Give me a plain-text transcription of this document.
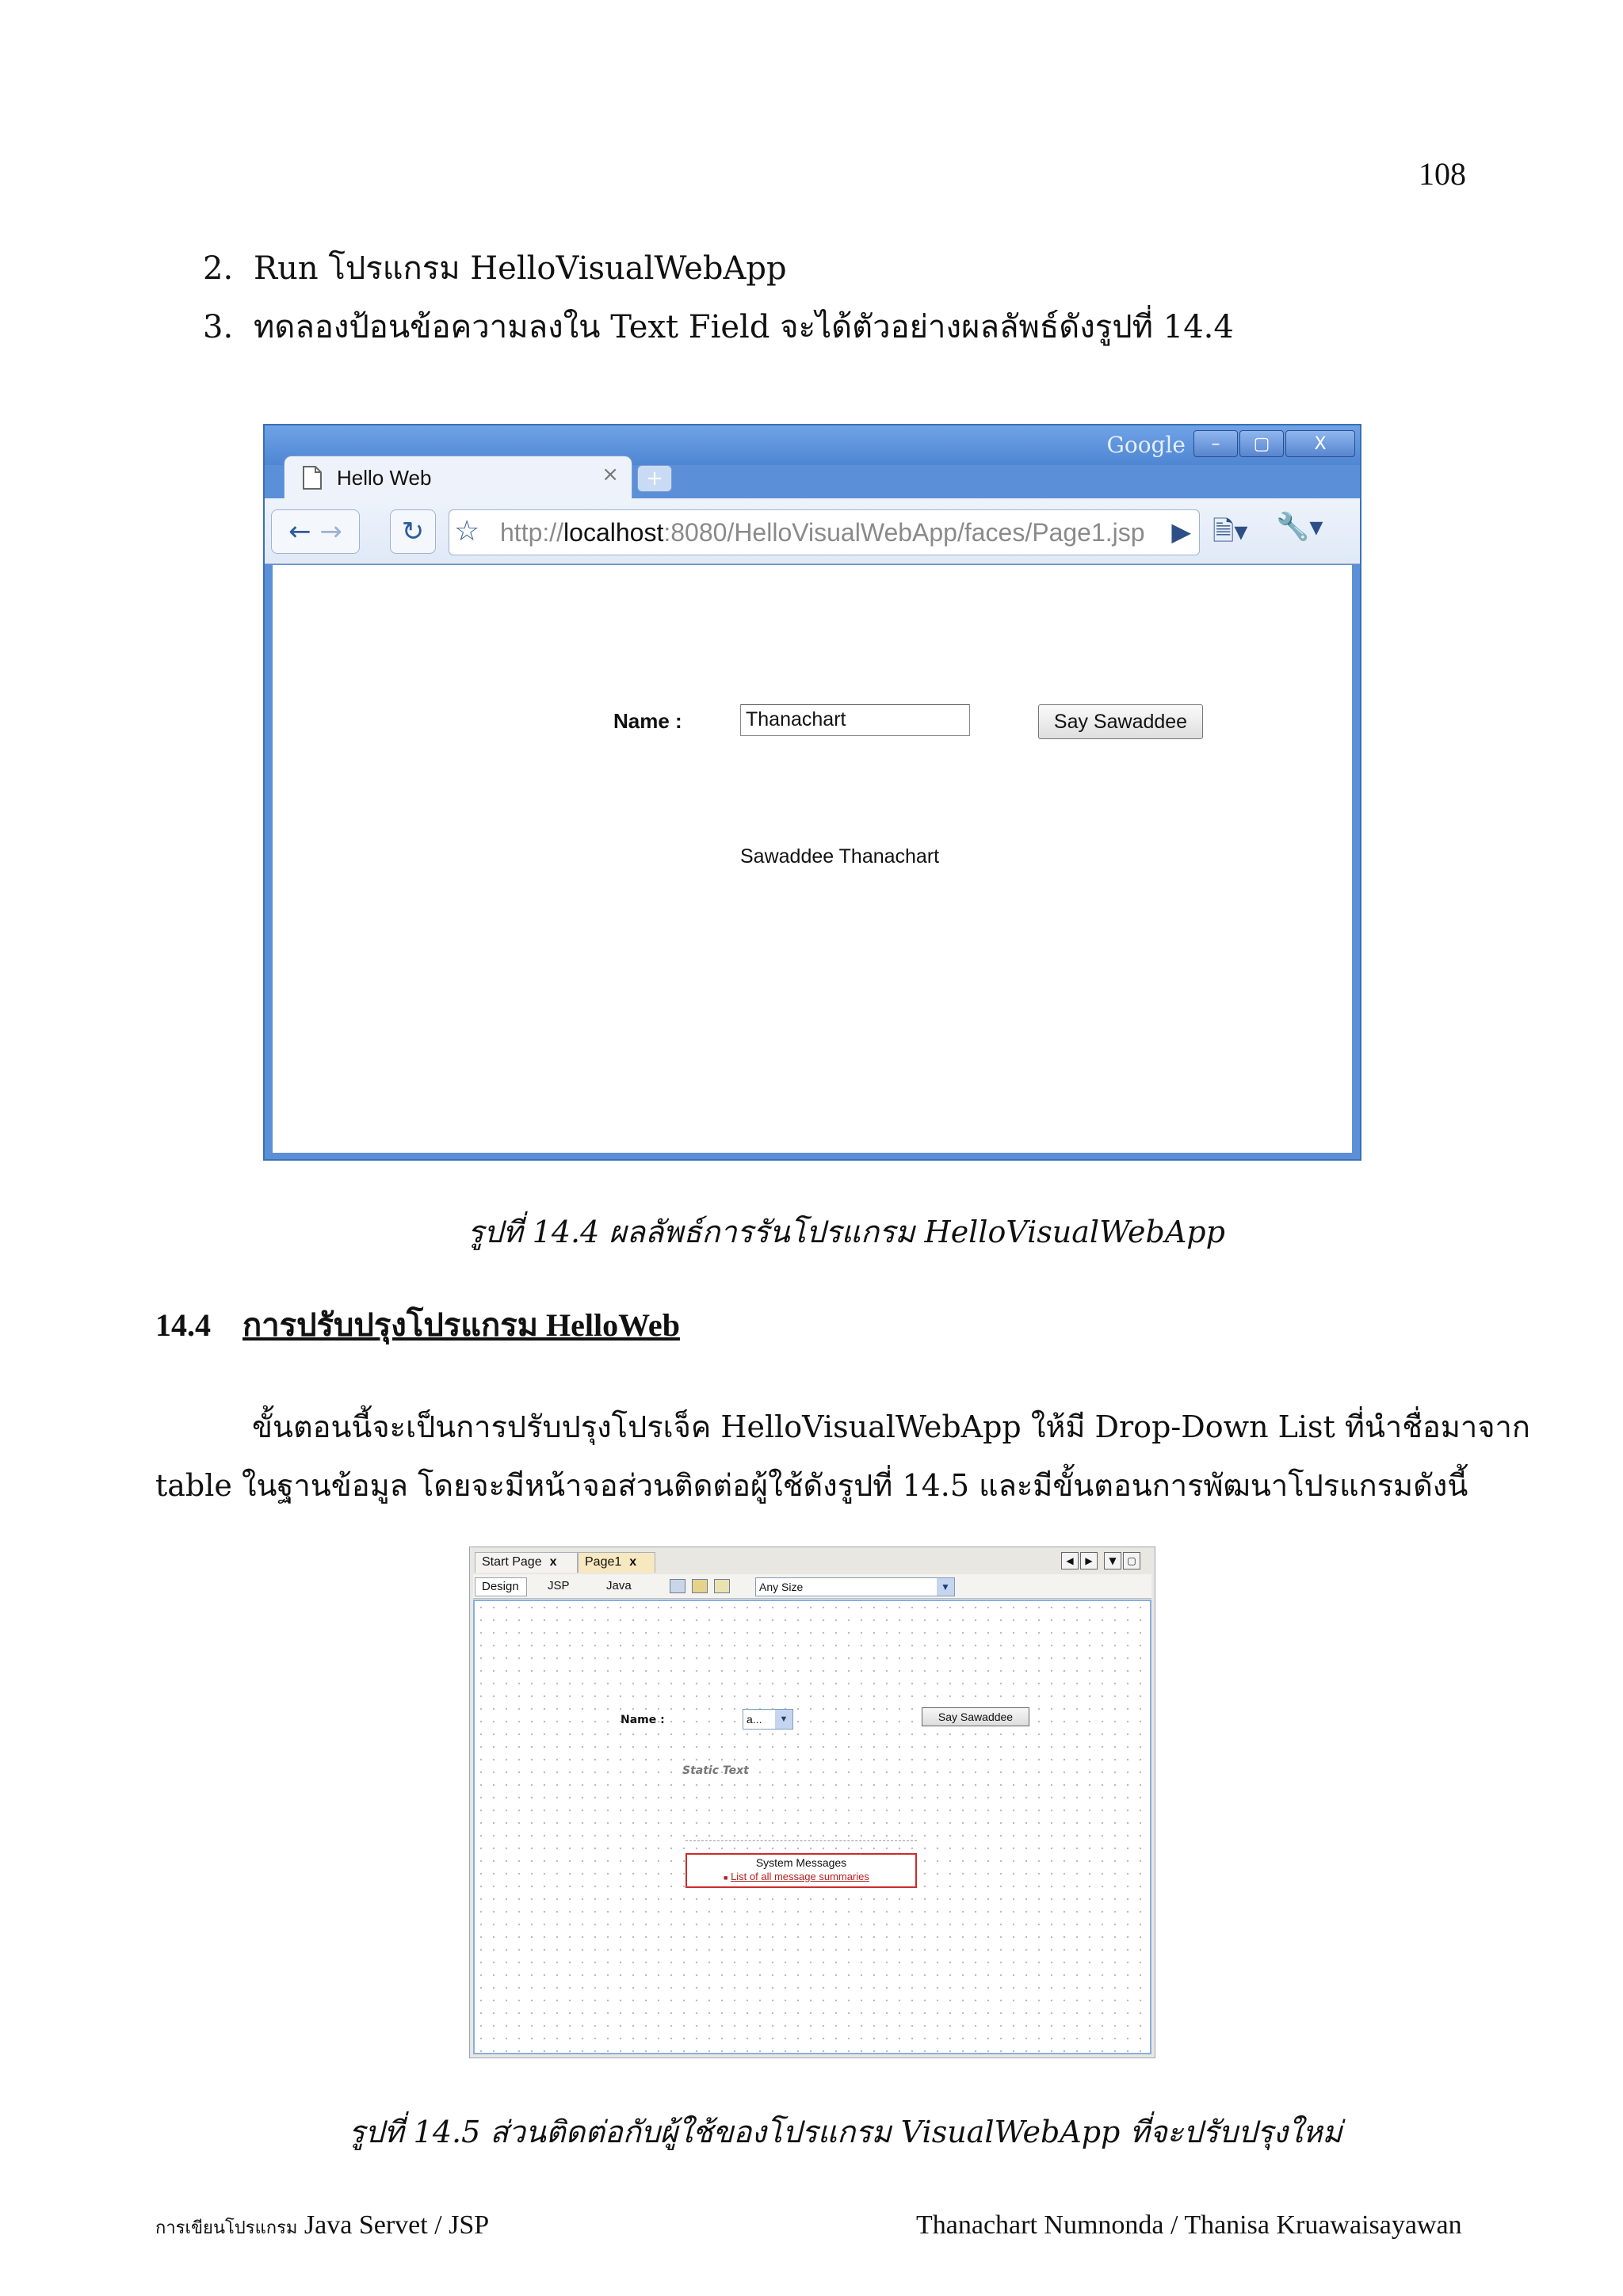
108
2. Run โปรแกรม HelloVisualWebApp
3. ทดลองป้อนข้อความลงใน Text Field จะได้ตัวอย่างผลลัพธ์ดังรูปที่ 14.4
Google	–	▢	X
Hello Web	×	+
← →	↻	☆ http://localhost:8080/HelloVisualWebApp/faces/Page1.jsp ▶ 🗎▾ 🔧▾
Name :	Thanachart	Say Sawaddee
Sawaddee Thanachart
รูปที่ 14.4 ผลลัพธ์การรันโปรแกรม HelloVisualWebApp
14.4 การปรับปรุงโปรแกรม HelloWeb
ขั้นตอนนี้จะเป็นการปรับปรุงโปรเจ็ค HelloVisualWebApp ให้มี Drop-Down List ที่นำชื่อมาจาก
table ในฐานข้อมูล โดยจะมีหน้าจอส่วนติดต่อผู้ใช้ดังรูปที่ 14.5 และมีขั้นตอนการพัฒนาโปรแกรมดังนี้
Start Page x	Page1 x	◀	▶	▼	▢
Design	JSP	Java	Any Size	▼
Name :	a...	▼	Say Sawaddee
Static Text
System Messages
■ List of all message summaries
รูปที่ 14.5 ส่วนติดต่อกับผู้ใช้ของโปรแกรม VisualWebApp ที่จะปรับปรุงใหม่
การเขียนโปรแกรม Java Servet / JSP	Thanachart Numnonda / Thanisa Kruawaisayawan
